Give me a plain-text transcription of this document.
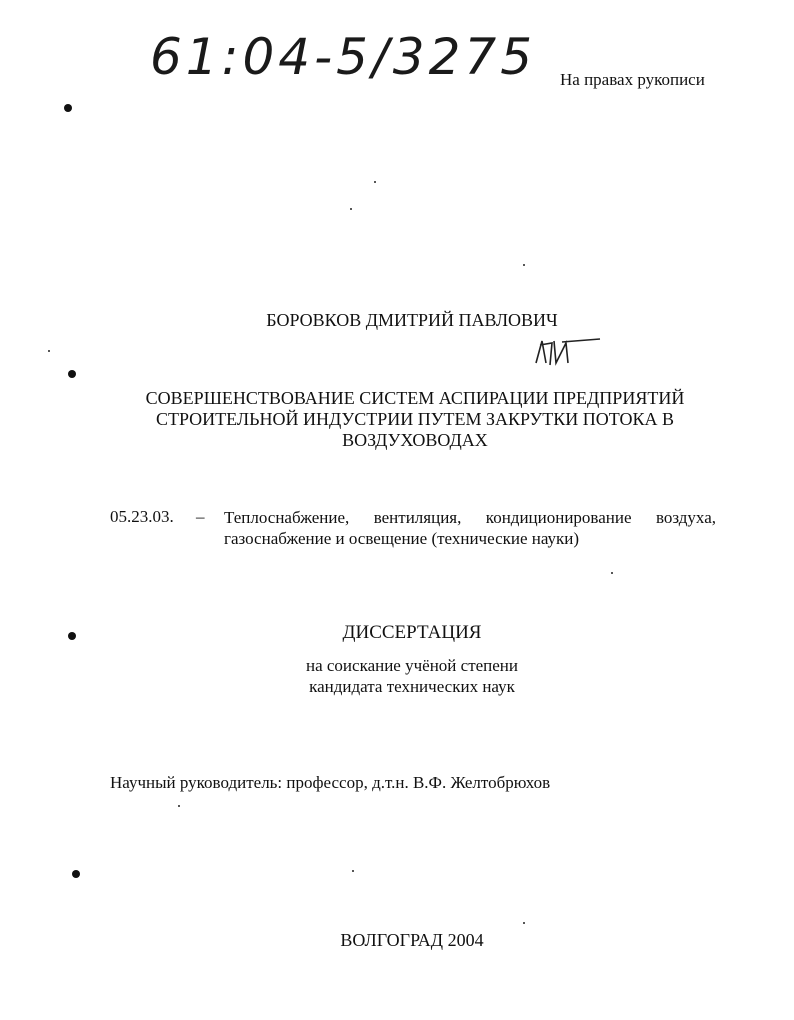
61:04-5/3275 На правах рукописи
БОРОВКОВ ДМИТРИЙ ПАВЛОВИЧ
СОВЕРШЕНСТВОВАНИЕ СИСТЕМ АСПИРАЦИИ ПРЕДПРИЯТИЙ
СТРОИТЕЛЬНОЙ ИНДУСТРИИ ПУТЕМ ЗАКРУТКИ ПОТОКА В
ВОЗДУХОВОДАХ
05.23.03. – Теплоснабжение, вентиляция, кондиционирование воздуха, газоснабжение и освещение (технические науки)
ДИССЕРТАЦИЯ
на соискание учёной степени
кандидата технических наук
Научный руководитель: профессор, д.т.н. В.Ф. Желтобрюхов
ВОЛГОГРАД 2004
